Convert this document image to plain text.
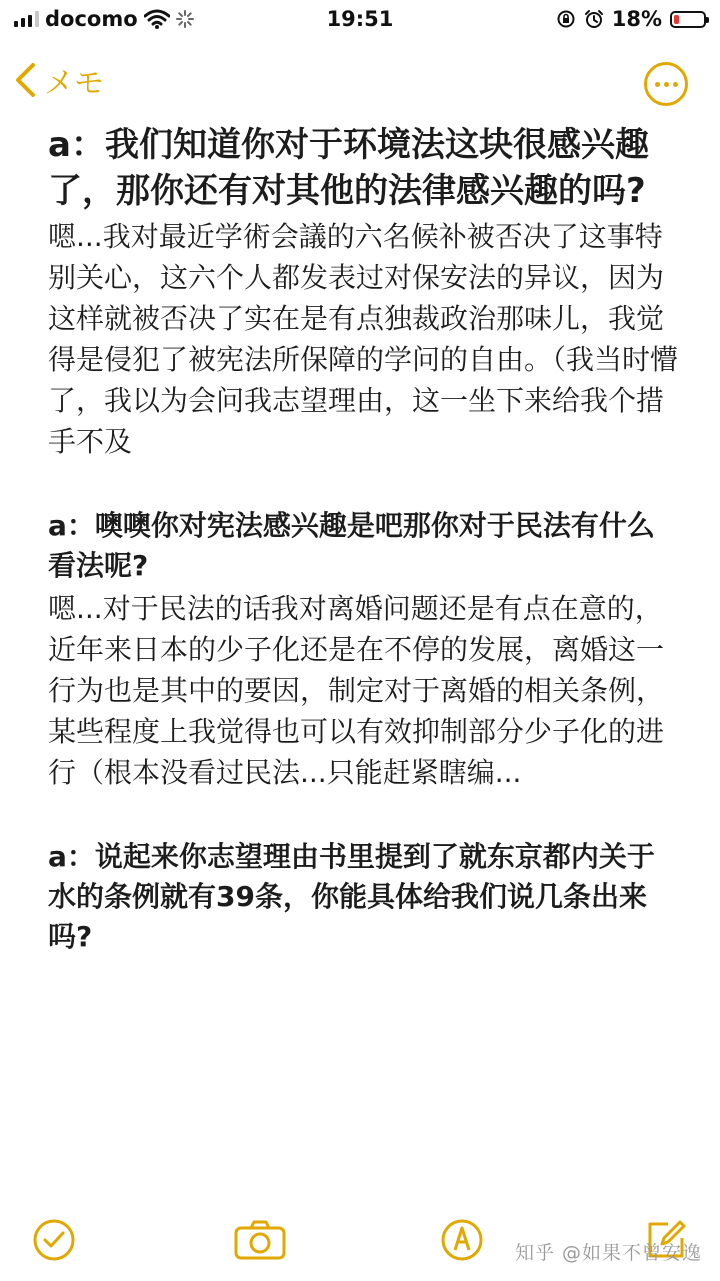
docomo	19:51	18%
メモ

a：我们知道你对于环境法这块很感兴趣了，那你还有对其他的法律感兴趣的吗?

嗯...我对最近学術会議的六名候补被否决了这事特别关心，这六个人都发表过对保安法的异议，因为这样就被否决了实在是有点独裁政治那味儿，我觉得是侵犯了被宪法所保障的学问的自由。（我当时懵了，我以为会问我志望理由，这一坐下来给我个措手不及

a：噢噢你对宪法感兴趣是吧那你对于民法有什么看法呢?

嗯...对于民法的话我对离婚问题还是有点在意的，近年来日本的少子化还是在不停的发展，离婚这一行为也是其中的要因，制定对于离婚的相关条例，某些程度上我觉得也可以有效抑制部分少子化的进行（根本没看过民法...只能赶紧瞎编...

a：说起来你志望理由书里提到了就东京都内关于水的条例就有39条，你能具体给我们说几条出来吗?

知乎 @如果不曾安逸
